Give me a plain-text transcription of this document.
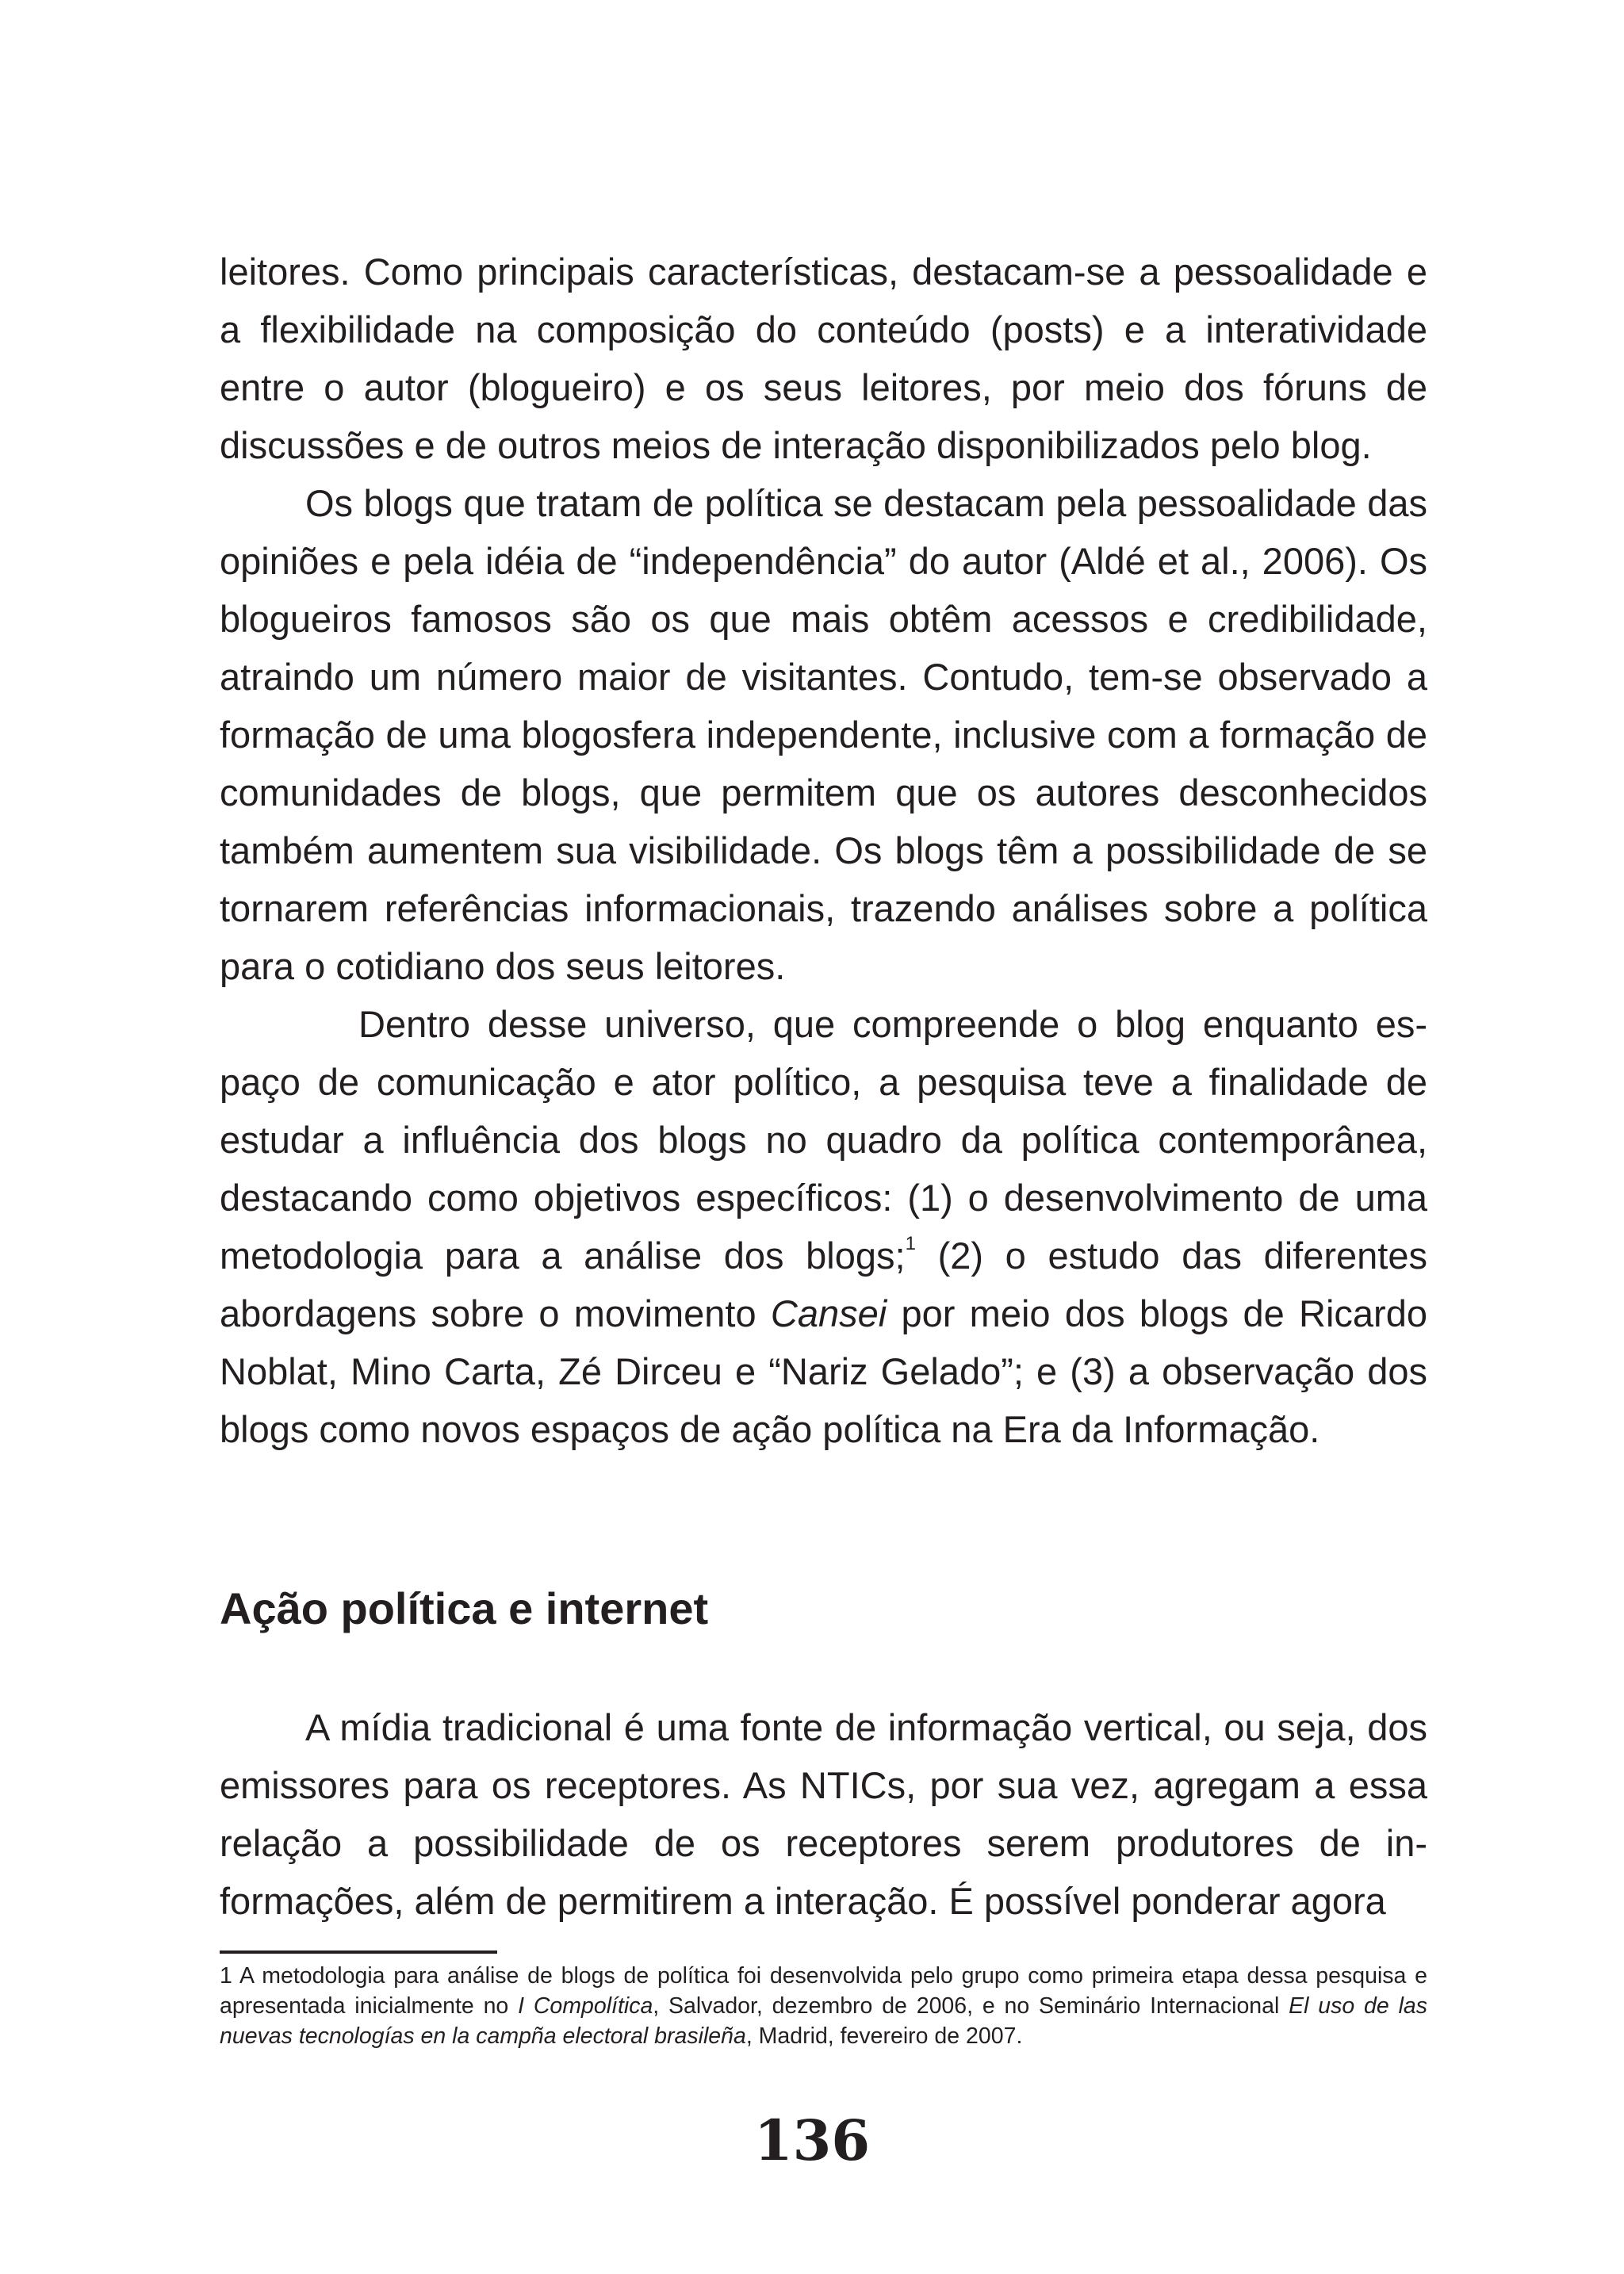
leitores. Como principais características, destacam-se a pessoalidade e a flexibilidade na composição do conteúdo (posts) e a interatividade entre o autor (blogueiro) e os seus leitores, por meio dos fóruns de discussões e de outros meios de interação disponibilizados pelo blog.

Os blogs que tratam de política se destacam pela pessoalidade das opiniões e pela idéia de “independência” do autor (Aldé et al., 2006). Os blogueiros famosos são os que mais obtêm acessos e credibilidade, atraindo um número maior de visitantes. Contudo, tem-se observado a formação de uma blogosfera independente, inclusive com a formação de comunidades de blogs, que permitem que os autores desconhecidos também aumentem sua visibilidade. Os blogs têm a possibilidade de se tornarem referências informacionais, trazendo análises sobre a política para o cotidiano dos seus leitores.

Dentro desse universo, que compreende o blog enquanto espaço de comunicação e ator político, a pesquisa teve a finalidade de estudar a influência dos blogs no quadro da política contemporânea, destacando como objetivos específicos: (1) o desenvolvimento de uma metodologia para a análise dos blogs;$^1$ (2) o estudo das diferentes abordagens sobre o movimento Cansei por meio dos blogs de Ricardo Noblat, Mino Carta, Zé Dirceu e “Nariz Gelado”; e (3) a observação dos blogs como novos espaços de ação política na Era da Informação.

Ação política e internet

A mídia tradicional é uma fonte de informação vertical, ou seja, dos emissores para os receptores. As NTICs, por sua vez, agregam a essa relação a possibilidade de os receptores serem produtores de informações, além de permitirem a interação. É possível ponderar agora

1 A metodologia para análise de blogs de política foi desenvolvida pelo grupo como primeira etapa dessa pesquisa e apresentada inicialmente no I Compolítica, Salvador, dezembro de 2006, e no Seminário Internacional El uso de las nuevas tecnologías en la campña electoral brasileña, Madrid, fevereiro de 2007.

136
